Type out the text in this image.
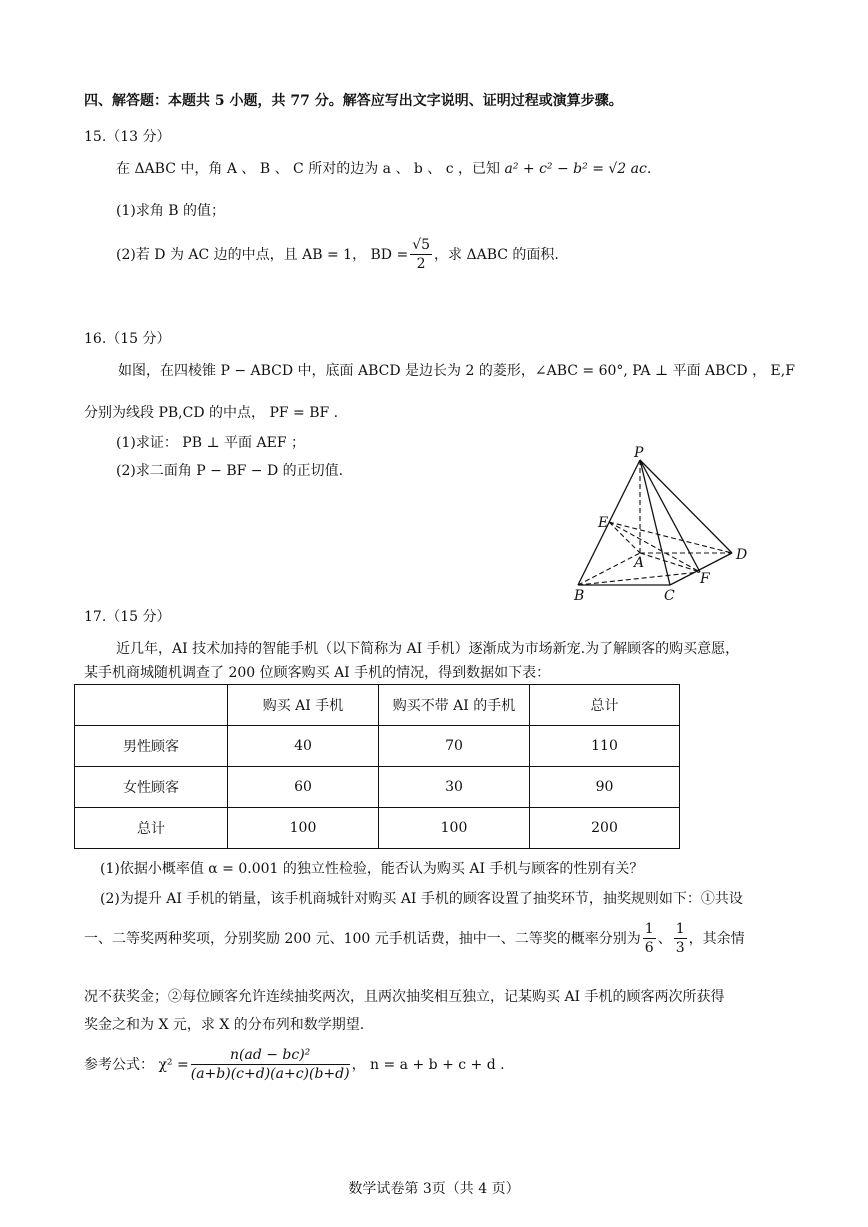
四、解答题：本题共 5 小题，共 77 分。解答应写出文字说明、证明过程或演算步骤。
15.（13 分）
在 ΔABC 中，角 A 、 B 、 C 所对的边为 a 、 b 、 c ，已知 a² + c² − b² = √2 ac.
(1)求角 B 的值；
(2)若 D 为 AC 边的中点，且 AB = 1， BD = $\frac{√5}{2}$ ，求 ΔABC 的面积.
16.（15 分）
如图，在四棱锥 P − ABCD 中，底面 ABCD 是边长为 2 的菱形，∠ABC = 60°, PA ⊥ 平面 ABCD ， E,F
分别为线段 PB,CD 的中点， PF = BF .
(1)求证： PB ⊥ 平面 AEF ；
(2)求二面角 P − BF − D 的正切值.
P
E
A	D
F
B	C
17.（15 分）
近几年，AI 技术加持的智能手机（以下简称为 AI 手机）逐渐成为市场新宠.为了解顾客的购买意愿，
某手机商城随机调查了 200 位顾客购买 AI 手机的情况，得到数据如下表：
	购买 AI 手机	购买不带 AI 的手机	总计
男性顾客	40	70	110
女性顾客	60	30	90
总计	100	100	200
(1)依据小概率值 α = 0.001 的独立性检验，能否认为购买 AI 手机与顾客的性别有关？
(2)为提升 AI 手机的销量，该手机商城针对购买 AI 手机的顾客设置了抽奖环节，抽奖规则如下：①共设
一、二等奖两种奖项，分别奖励 200 元、100 元手机话费，抽中一、二等奖的概率分别为 $\frac{1}{6}$ 、 $\frac{1}{3}$ ，其余情
况不获奖金；②每位顾客允许连续抽奖两次，且两次抽奖相互独立，记某购买 AI 手机的顾客两次所获得
奖金之和为 X 元，求 X 的分布列和数学期望.
参考公式： $\chi^2 = \frac{\text{n(ad − bc)²}}{(a+b)(c+d)(a+c)(b+d)}$ ， n = a + b + c + d .
数学试卷第 3页（共 4 页）
